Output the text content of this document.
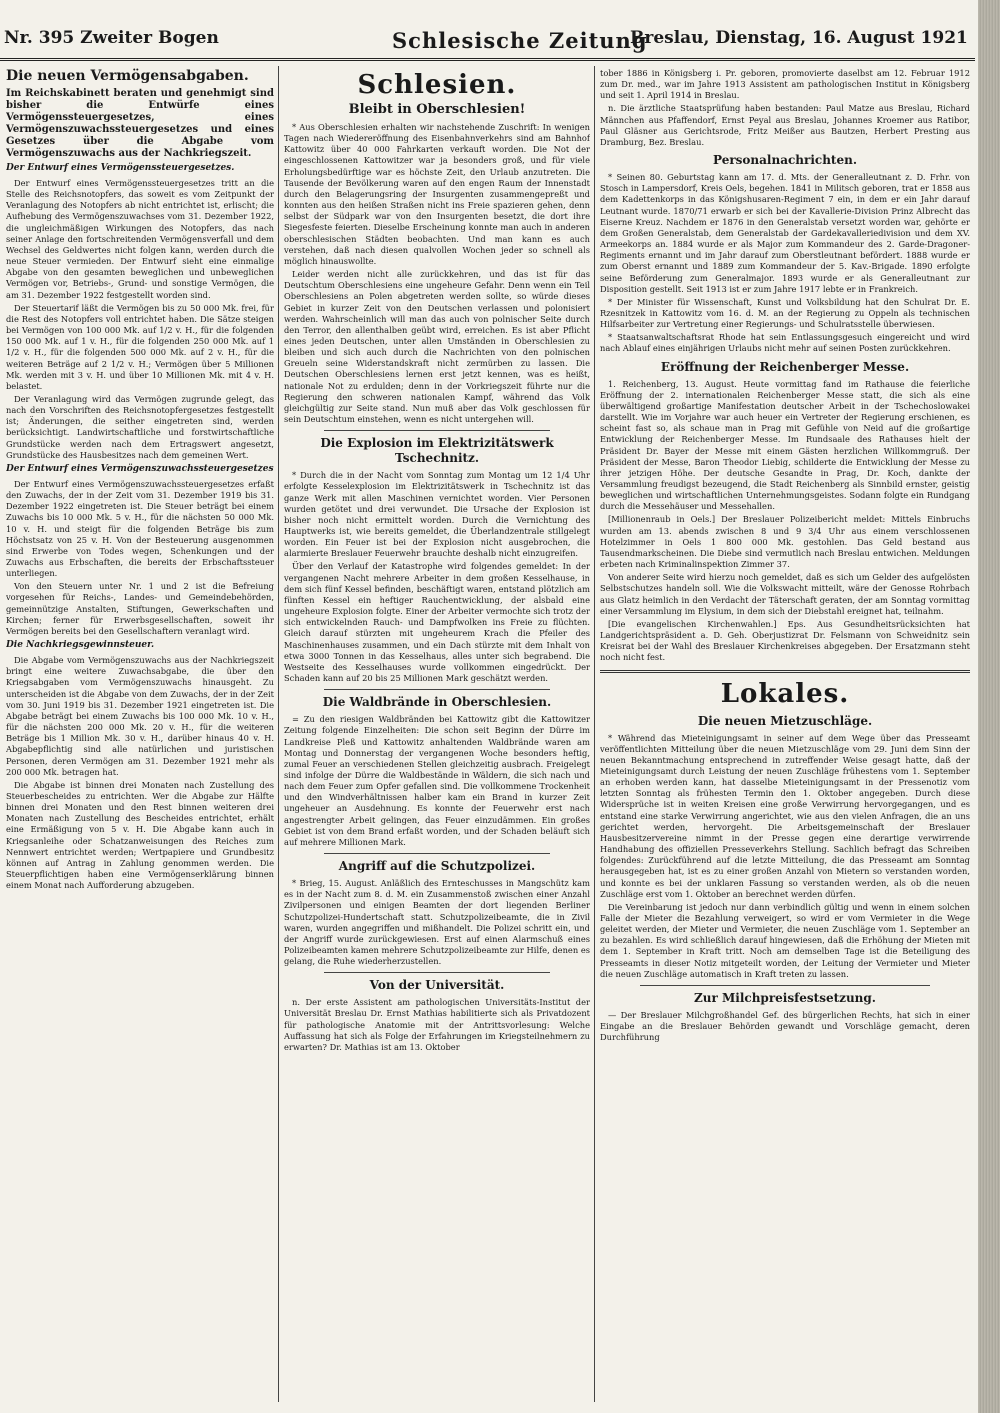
Nr. 395 Zweiter Bogen	Schlesische Zeitung
Breslau, Dienstag, 16. August 1921
Die neuen Vermögensabgaben.

Im Reichskabinett beraten und genehmigt sind bisher die Entwürfe eines Vermögenssteuergesetzes, eines Vermögenszuwachssteuergesetzes und eines Gesetzes über die Abgabe vom Vermögenszuwachs aus der Nachkriegszeit.

Der Entwurf eines Vermögenssteuergesetzes.

Der Entwurf eines Vermögenssteuergesetzes tritt an die Stelle des Reichsnotopfers, das soweit es vom Zeitpunkt der Veranlagung des Notopfers ab nicht entrichtet ist, erlischt; die Aufhebung des Vermögenszuwachses vom 31. Dezember 1922, die ungleichmäßigen Wirkungen des Notopfers, das nach seiner Anlage den fortschreitenden Vermögensverfall und dem Wechsel des Geldwertes nicht folgen kann, werden durch die neue Steuer vermieden. Der Entwurf sieht eine einmalige Abgabe von den gesamten beweglichen und unbeweglichen Vermögen vor, Betriebs-, Grund- und sonstige Vermögen, die am 31. Dezember 1922 festgestellt worden sind.

Der Steuertarif läßt die Vermögen bis zu 50 000 Mk. frei, für die Rest des Notopfers voll entrichtet haben. Die Sätze steigen bei Vermögen von 100 000 Mk. auf 1/2 v. H., für die folgenden 150 000 Mk. auf 1 v. H., für die folgenden 250 000 Mk. auf 1 1/2 v. H., für die folgenden 500 000 Mk. auf 2 v. H., für die weiteren Beträge auf 2 1/2 v. H.; Vermögen über 5 Millionen Mk. werden mit 3 v. H. und über 10 Millionen Mk. mit 4 v. H. belastet.

Der Veranlagung wird das Vermögen zugrunde gelegt, das nach den Vorschriften des Reichsnotopfergesetzes festgestellt ist; Änderungen, die seither eingetreten sind, werden berücksichtigt. Landwirtschaftliche und forstwirtschaftliche Grundstücke werden nach dem Ertragswert angesetzt, Grundstücke des Hausbesitzes nach dem gemeinen Wert.

Der Entwurf eines Vermögenszuwachssteuergesetzes

Der Entwurf eines Vermögenszuwachssteuergesetzes erfaßt den Zuwachs, der in der Zeit vom 31. Dezember 1919 bis 31. Dezember 1922 eingetreten ist. Die Steuer beträgt bei einem Zuwachs bis 10 000 Mk. 5 v. H., für die nächsten 50 000 Mk. 10 v. H. und steigt für die folgenden Beträge bis zum Höchstsatz von 25 v. H. Von der Besteuerung ausgenommen sind Erwerbe von Todes wegen, Schenkungen und der Zuwachs aus Erbschaften, die bereits der Erbschaftssteuer unterliegen.

Von den Steuern unter Nr. 1 und 2 ist die Befreiung vorgesehen für Reichs-, Landes- und Gemeindebehörden, gemeinnützige Anstalten, Stiftungen, Gewerkschaften und Kirchen; ferner für Erwerbsgesellschaften, soweit ihr Vermögen bereits bei den Gesellschaftern veranlagt wird.

Die Nachkriegsgewinnsteuer.

Die Abgabe vom Vermögenszuwachs aus der Nachkriegszeit bringt eine weitere Zuwachsabgabe, die über den Kriegsabgaben vom Vermögenszuwachs hinausgeht. Zu unterscheiden ist die Abgabe von dem Zuwachs, der in der Zeit vom 30. Juni 1919 bis 31. Dezember 1921 eingetreten ist. Die Abgabe beträgt bei einem Zuwachs bis 100 000 Mk. 10 v. H., für die nächsten 200 000 Mk. 20 v. H., für die weiteren Beträge bis 1 Million Mk. 30 v. H., darüber hinaus 40 v. H. Abgabepflichtig sind alle natürlichen und juristischen Personen, deren Vermögen am 31. Dezember 1921 mehr als 200 000 Mk. betragen hat.

Die Abgabe ist binnen drei Monaten nach Zustellung des Steuerbescheides zu entrichten. Wer die Abgabe zur Hälfte binnen drei Monaten und den Rest binnen weiteren drei Monaten nach Zustellung des Bescheides entrichtet, erhält eine Ermäßigung von 5 v. H. Die Abgabe kann auch in Kriegsanleihe oder Schatzanweisungen des Reiches zum Nennwert entrichtet werden; Wertpapiere und Grundbesitz können auf Antrag in Zahlung genommen werden. Die Steuerpflichtigen haben eine Vermögenserklärung binnen einem Monat nach Aufforderung abzugeben.

Schlesien.
Bleibt in Oberschlesien!

* Aus Oberschlesien erhalten wir nachstehende Zuschrift: In wenigen Tagen nach Wiedereröffnung des Eisenbahnverkehrs sind am Bahnhof Kattowitz über 40 000 Fahrkarten verkauft worden. Die Not der eingeschlossenen Kattowitzer war ja besonders groß, und für viele Erholungsbedürftige war es höchste Zeit, den Urlaub anzutreten. Die Tausende der Bevölkerung waren auf den engen Raum der Innenstadt durch den Belagerungsring der Insurgenten zusammengepreßt und konnten aus den heißen Straßen nicht ins Freie spazieren gehen, denn selbst der Südpark war von den Insurgenten besetzt, die dort ihre Siegesfeste feierten. Dieselbe Erscheinung konnte man auch in anderen oberschlesischen Städten beobachten. Und man kann es auch verstehen, daß nach diesen qualvollen Wochen jeder so schnell als möglich hinauswollte.

Leider werden nicht alle zurückkehren, und das ist für das Deutschtum Oberschlesiens eine ungeheure Gefahr. Denn wenn ein Teil Oberschlesiens an Polen abgetreten werden sollte, so würde dieses Gebiet in kurzer Zeit von den Deutschen verlassen und polonisiert werden. Wahrscheinlich will man das auch von polnischer Seite durch den Terror, den allenthalben geübt wird, erreichen. Es ist aber Pflicht eines jeden Deutschen, unter allen Umständen in Oberschlesien zu bleiben und sich auch durch die Nachrichten von den polnischen Greueln seine Widerstandskraft nicht zermürben zu lassen. Die Deutschen Oberschlesiens lernen erst jetzt kennen, was es heißt, nationale Not zu erdulden; denn in der Vorkriegszeit führte nur die Regierung den schweren nationalen Kampf, während das Volk gleichgültig zur Seite stand. Nun muß aber das Volk geschlossen für sein Deutschtum einstehen, wenn es nicht untergehen will.

Die Explosion im Elektrizitätswerk Tschechnitz.

* Durch die in der Nacht vom Sonntag zum Montag um 12 1/4 Uhr erfolgte Kesselexplosion im Elektrizitätswerk in Tschechnitz ist das ganze Werk mit allen Maschinen vernichtet worden. Vier Personen wurden getötet und drei verwundet. Die Ursache der Explosion ist bisher noch nicht ermittelt worden. Durch die Vernichtung des Hauptwerks ist, wie bereits gemeldet, die Überlandzentrale stillgelegt worden. Ein Feuer ist bei der Explosion nicht ausgebrochen, die alarmierte Breslauer Feuerwehr brauchte deshalb nicht einzugreifen.

Über den Verlauf der Katastrophe wird folgendes gemeldet: In der vergangenen Nacht mehrere Arbeiter in dem großen Kesselhause, in dem sich fünf Kessel befinden, beschäftigt waren, entstand plötzlich am fünften Kessel ein heftiger Rauchentwicklung, der alsbald eine ungeheure Explosion folgte. Einer der Arbeiter vermochte sich trotz der sich entwickelnden Rauch- und Dampfwolken ins Freie zu flüchten. Gleich darauf stürzten mit ungeheurem Krach die Pfeiler des Maschinenhauses zusammen, und ein Dach stürzte mit dem Inhalt von etwa 3000 Tonnen in das Kesselhaus, alles unter sich begrabend. Die Westseite des Kesselhauses wurde vollkommen eingedrückt. Der Schaden kann auf 20 bis 25 Millionen Mark geschätzt werden.

Die Waldbrände in Oberschlesien.

= Zu den riesigen Waldbränden bei Kattowitz gibt die Kattowitzer Zeitung folgende Einzelheiten: Die schon seit Beginn der Dürre im Landkreise Pleß und Kattowitz anhaltenden Waldbrände waren am Montag und Donnerstag der vergangenen Woche besonders heftig, zumal Feuer an verschiedenen Stellen gleichzeitig ausbrach. Freigelegt sind infolge der Dürre die Waldbestände in Wäldern, die sich nach und nach dem Feuer zum Opfer gefallen sind. Die vollkommene Trockenheit und den Windverhältnissen halber kam ein Brand in kurzer Zeit ungeheuer an Ausdehnung. Es konnte der Feuerwehr erst nach angestrengter Arbeit gelingen, das Feuer einzudämmen. Ein großes Gebiet ist von dem Brand erfaßt worden, und der Schaden beläuft sich auf mehrere Millionen Mark.

Angriff auf die Schutzpolizei.

* Brieg, 15. August. Anläßlich des Ernteschusses in Mangschütz kam es in der Nacht zum 8. d. M. ein Zusammenstoß zwischen einer Anzahl Zivilpersonen und einigen Beamten der dort liegenden Berliner Schutzpolizei-Hundertschaft statt. Schutzpolizeibeamte, die in Zivil waren, wurden angegriffen und mißhandelt. Die Polizei schritt ein, und der Angriff wurde zurückgewiesen. Erst auf einen Alarmschuß eines Polizeibeamten kamen mehrere Schutzpolizeibeamte zur Hilfe, denen es gelang, die Ruhe wiederherzustellen.

Von der Universität.

n. Der erste Assistent am pathologischen Universitäts-Institut der Universität Breslau Dr. Ernst Mathias habilitierte sich als Privatdozent für pathologische Anatomie mit der Antrittsvorlesung: Welche Auffassung hat sich als Folge der Erfahrungen im Kriegsteilnehmern zu erwarten? Dr. Mathias ist am 13. Oktober

tober 1886 in Königsberg i. Pr. geboren, promovierte daselbst am 12. Februar 1912 zum Dr. med., war im Jahre 1913 Assistent am pathologischen Institut in Königsberg und seit 1. April 1914 in Breslau.

n. Die ärztliche Staatsprüfung haben bestanden: Paul Matze aus Breslau, Richard Männchen aus Pfaffendorf, Ernst Peyal aus Breslau, Johannes Kroemer aus Ratibor, Paul Gläsner aus Gerichtsrode, Fritz Meißer aus Bautzen, Herbert Presting aus Dramburg, Bez. Breslau.

Personalnachrichten.

* Seinen 80. Geburtstag kann am 17. d. Mts. der Generalleutnant z. D. Frhr. von Stosch in Lampersdorf, Kreis Oels, begehen. 1841 in Militsch geboren, trat er 1858 aus dem Kadettenkorps in das Königshusaren-Regiment 7 ein, in dem er ein Jahr darauf Leutnant wurde. 1870/71 erwarb er sich bei der Kavallerie-Division Prinz Albrecht das Eiserne Kreuz. Nachdem er 1876 in den Generalstab versetzt worden war, gehörte er dem Großen Generalstab, dem Generalstab der Gardekavalleriedivision und dem XV. Armeekorps an. 1884 wurde er als Major zum Kommandeur des 2. Garde-Dragoner-Regiments ernannt und im Jahr darauf zum Oberstleutnant befördert. 1888 wurde er zum Oberst ernannt und 1889 zum Kommandeur der 5. Kav.-Brigade. 1890 erfolgte seine Beförderung zum Generalmajor. 1893 wurde er als Generalleutnant zur Disposition gestellt. Seit 1913 ist er zum Jahre 1917 lebte er in Frankreich.

* Der Minister für Wissenschaft, Kunst und Volksbildung hat den Schulrat Dr. E. Rzesnitzek in Kattowitz vom 16. d. M. an der Regierung zu Oppeln als technischen Hilfsarbeiter zur Vertretung einer Regierungs- und Schulratsstelle überwiesen.

* Staatsanwaltschaftsrat Rhode hat sein Entlassungsgesuch eingereicht und wird nach Ablauf eines einjährigen Urlaubs nicht mehr auf seinen Posten zurückkehren.

Eröffnung der Reichenberger Messe.

1. Reichenberg, 13. August. Heute vormittag fand im Rathause die feierliche Eröffnung der 2. internationalen Reichenberger Messe statt, die sich als eine überwältigend großartige Manifestation deutscher Arbeit in der Tschechoslowakei darstellt. Wie im Vorjahre war auch heuer ein Vertreter der Regierung erschienen, es scheint fast so, als schaue man in Prag mit Gefühle von Neid auf die großartige Entwicklung der Reichenberger Messe. Im Rundsaale des Rathauses hielt der Präsident Dr. Bayer der Messe mit einem Gästen herzlichen Willkommgruß. Der Präsident der Messe, Baron Theodor Liebig, schilderte die Entwicklung der Messe zu ihrer jetzigen Höhe. Der deutsche Gesandte in Prag, Dr. Koch, dankte der Versammlung freudigst bezeugend, die Stadt Reichenberg als Sinnbild ernster, geistig beweglichen und wirtschaftlichen Unternehmungsgeistes. Sodann folgte ein Rundgang durch die Messehäuser und Messehallen.

[Millionenraub in Oels.] Der Breslauer Polizeibericht meldet: Mittels Einbruchs wurden am 13. abends zwischen 8 und 9 3/4 Uhr aus einem verschlossenen Hotelzimmer in Oels 1 800 000 Mk. gestohlen. Das Geld bestand aus Tausendmarkscheinen. Die Diebe sind vermutlich nach Breslau entwichen. Meldungen erbeten nach Kriminalinspektion Zimmer 37.

Von anderer Seite wird hierzu noch gemeldet, daß es sich um Gelder des aufgelösten Selbstschutzes handeln soll. Wie die Volkswacht mitteilt, wäre der Genosse Rohrbach aus Glatz heimlich in den Verdacht der Täterschaft geraten, der am Sonntag vormittag einer Versammlung im Elysium, in dem sich der Diebstahl ereignet hat, teilnahm.

[Die evangelischen Kirchenwahlen.] Eps. Aus Gesundheitsrücksichten hat Landgerichtspräsident a. D. Geh. Oberjustizrat Dr. Felsmann von Schweidnitz sein Kreisrat bei der Wahl des Breslauer Kirchenkreises abgegeben. Der Ersatzmann steht noch nicht fest.

Lokales.
Die neuen Mietzuschläge.

* Während das Mieteinigungsamt in seiner auf dem Wege über das Presseamt veröffentlichten Mitteilung über die neuen Mietzuschläge vom 29. Juni dem Sinn der neuen Bekanntmachung entsprechend in zutreffender Weise gesagt hatte, daß der Mieteinigungsamt durch Leistung der neuen Zuschläge frühestens vom 1. September an erhoben werden kann, hat dasselbe Mieteinigungsamt in der Pressenotiz vom letzten Sonntag als frühesten Termin den 1. Oktober angegeben. Durch diese Widersprüche ist in weiten Kreisen eine große Verwirrung hervorgegangen, und es entstand eine starke Verwirrung angerichtet, wie aus den vielen Anfragen, die an uns gerichtet werden, hervorgeht. Die Arbeitsgemeinschaft der Breslauer Hausbesitzervereine nimmt in der Presse gegen eine derartige verwirrende Handhabung des offiziellen Presseverkehrs Stellung. Sachlich befragt das Schreiben folgendes: Zurückführend auf die letzte Mitteilung, die das Presseamt am Sonntag herausgegeben hat, ist es zu einer großen Anzahl von Mietern so verstanden worden, und konnte es bei der unklaren Fassung so verstanden werden, als ob die neuen Zuschläge erst vom 1. Oktober an berechnet werden dürfen.

Die Vereinbarung ist jedoch nur dann verbindlich gültig und wenn in einem solchen Falle der Mieter die Bezahlung verweigert, so wird er vom Vermieter in die Wege geleitet werden, der Mieter und Vermieter, die neuen Zuschläge vom 1. September an zu bezahlen. Es wird schließlich darauf hingewiesen, daß die Erhöhung der Mieten mit dem 1. September in Kraft tritt. Noch am demselben Tage ist die Beteiligung des Presseamts in dieser Notiz mitgeteilt worden, der Leitung der Vermieter und Mieter die neuen Zuschläge automatisch in Kraft treten zu lassen.

Zur Milchpreisfestsetzung.

— Der Breslauer Milchgroßhandel Gef. des bürgerlichen Rechts, hat sich in einer Eingabe an die Breslauer Behörden gewandt und Vorschläge gemacht, deren Durchführung
